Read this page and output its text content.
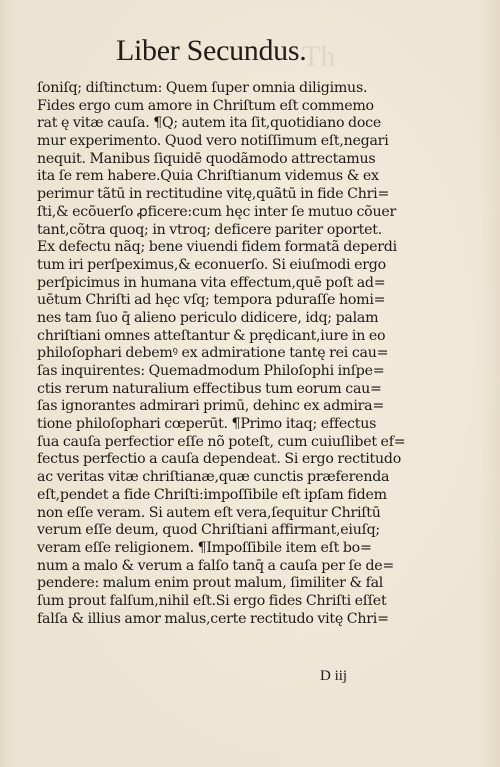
Th
Liber Secundus.
ſoniſq; diſtinctum: Quem ſuper omnia diligimus.
Fides ergo cum amore in Chriſtum eſt commemo
rat ę vitæ cauſa. ¶Q; autem ita ſit,quotidiano doce
mur experimento. Quod vero notiſſimum eſt,negari
nequit. Manibus ſiquidē quodãmodo attrectamus
ita ſe rem habere.Quia Chriſtianum videmus & ex
perimur tãtū in rectitudine vitę,quãtū in fide Chri=
ſti,& ecõuerſo ꝓficere:cum hęc inter ſe mutuo cõuer
tant,cõtra quoq; in vtroq; deficere pariter oportet.
Ex defectu nãq; bene viuendi fidem formatã deperdi
tum iri perſpeximus,& econuerſo. Si eiuſmodi ergo
perſpicimus in humana vita effectum,quē poſt ad=
uētum Chriſti ad hęc vſq; tempora pduraſſe homi=
nes tam ſuo q̄ alieno periculo didicere, idq; palam
chriſtiani omnes atteſtantur & prędicant,iure in eo
philoſophari debemꝰ ex admiratione tantę rei cau=
ſas inquirentes: Quemadmodum Philoſophi inſpe=
ctis rerum naturalium effectibus tum eorum cau=
ſas ignorantes admirari primū, dehinc ex admira=
tione philoſophari cœperūt. ¶Primo itaq; effectus
ſua cauſa perfectior eſſe nõ poteſt, cum cuiuſlibet ef=
fectus perfectio a cauſa dependeat. Si ergo rectitudo
ac veritas vitæ chriſtianæ,quæ cunctis præferenda
eſt,pendet a fide Chriſti:impoſſibile eſt ipſam fidem
non eſſe veram. Si autem eſt vera,ſequitur Chriſtū
verum eſſe deum, quod Chriſtiani affirmant,eiuſq;
veram eſſe religionem. ¶Impoſſibile item eſt bo=
num a malo & verum a falſo tanq̄ a cauſa per ſe de=
pendere: malum enim prout malum, ſimiliter & fal
ſum prout falſum,nihil eſt.Si ergo fides Chriſti eſſet
falſa & illius amor malus,certe rectitudo vitę Chri=
D iij
